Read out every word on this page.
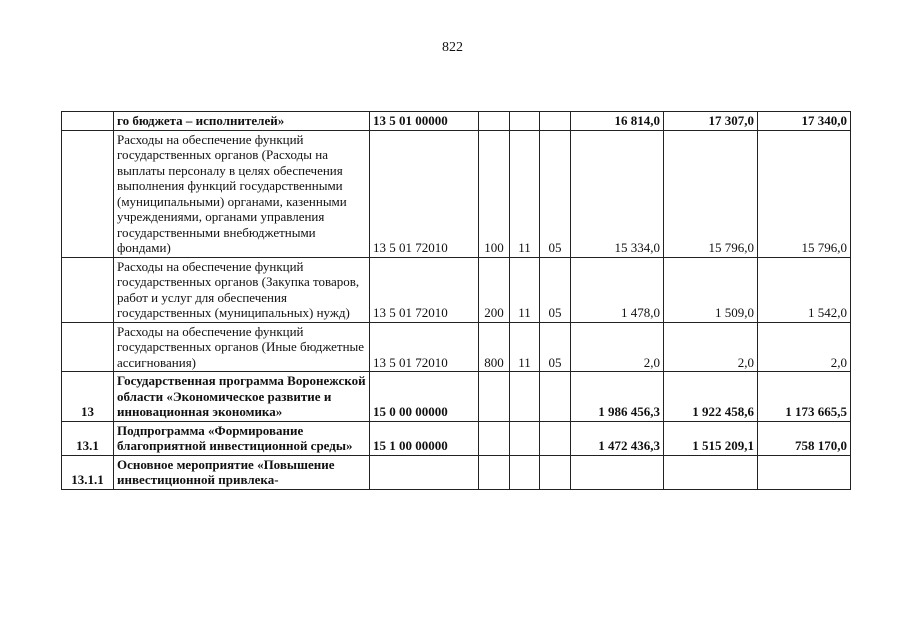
822
	го бюджета – исполнителей»	13 5 01 00000				16 814,0	17 307,0	17 340,0
	Расходы на обеспечение функций государственных органов (Расходы на выплаты персоналу в целях обеспечения выполнения функций государственными (муниципальными) органами, казенными учреждениями, органами управления государственными внебюджетными фондами)	13 5 01 72010	100	11	05	15 334,0	15 796,0	15 796,0
	Расходы на обеспечение функций государственных органов (Закупка товаров, работ и услуг для обеспечения государственных (муниципальных) нужд)	13 5 01 72010	200	11	05	1 478,0	1 509,0	1 542,0
	Расходы на обеспечение функций государственных органов (Иные бюджетные ассигнования)	13 5 01 72010	800	11	05	2,0	2,0	2,0
13	Государственная программа Воронежской области «Экономическое развитие и инновационная экономика»	15 0 00 00000				1 986 456,3	1 922 458,6	1 173 665,5
13.1	Подпрограмма «Формирование благоприятной инвестиционной среды»	15 1 00 00000				1 472 436,3	1 515 209,1	758 170,0
13.1.1	Основное мероприятие «Повышение инвестиционной привлека-							
